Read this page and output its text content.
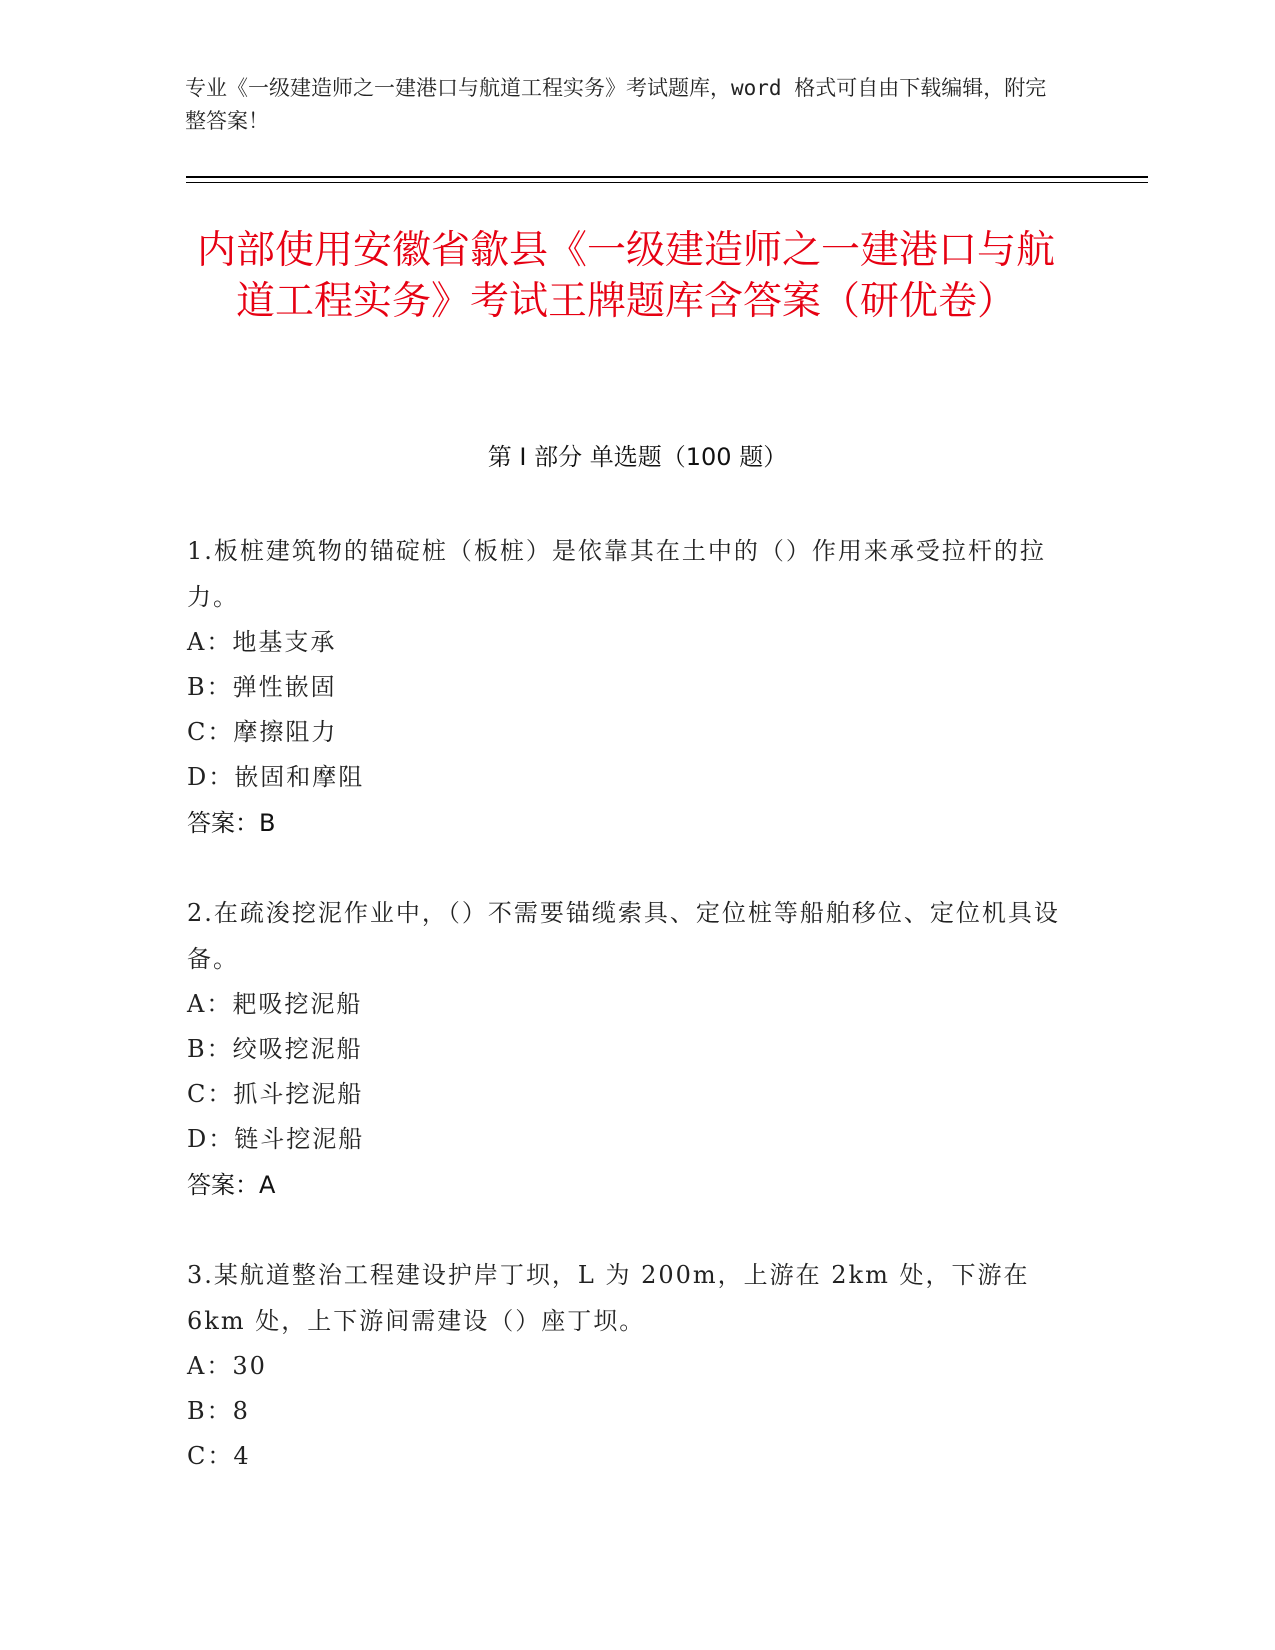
专业《一级建造师之一建港口与航道工程实务》考试题库，word 格式可自由下载编辑，附完整答案！
内部使用安徽省歙县《一级建造师之一建港口与航道工程实务》考试王牌题库含答案（研优卷）
第 I 部分 单选题（100 题）
1.板桩建筑物的锚碇桩（板桩）是依靠其在土中的（）作用来承受拉杆的拉力。
A：地基支承
B：弹性嵌固
C：摩擦阻力
D：嵌固和摩阻
答案：B
2.在疏浚挖泥作业中，（）不需要锚缆索具、定位桩等船舶移位、定位机具设备。
A：耙吸挖泥船
B：绞吸挖泥船
C：抓斗挖泥船
D：链斗挖泥船
答案：A
3.某航道整治工程建设护岸丁坝，L 为 200m，上游在 2km 处，下游在 6km 处，上下游间需建设（）座丁坝。
A：30
B：8
C：4
